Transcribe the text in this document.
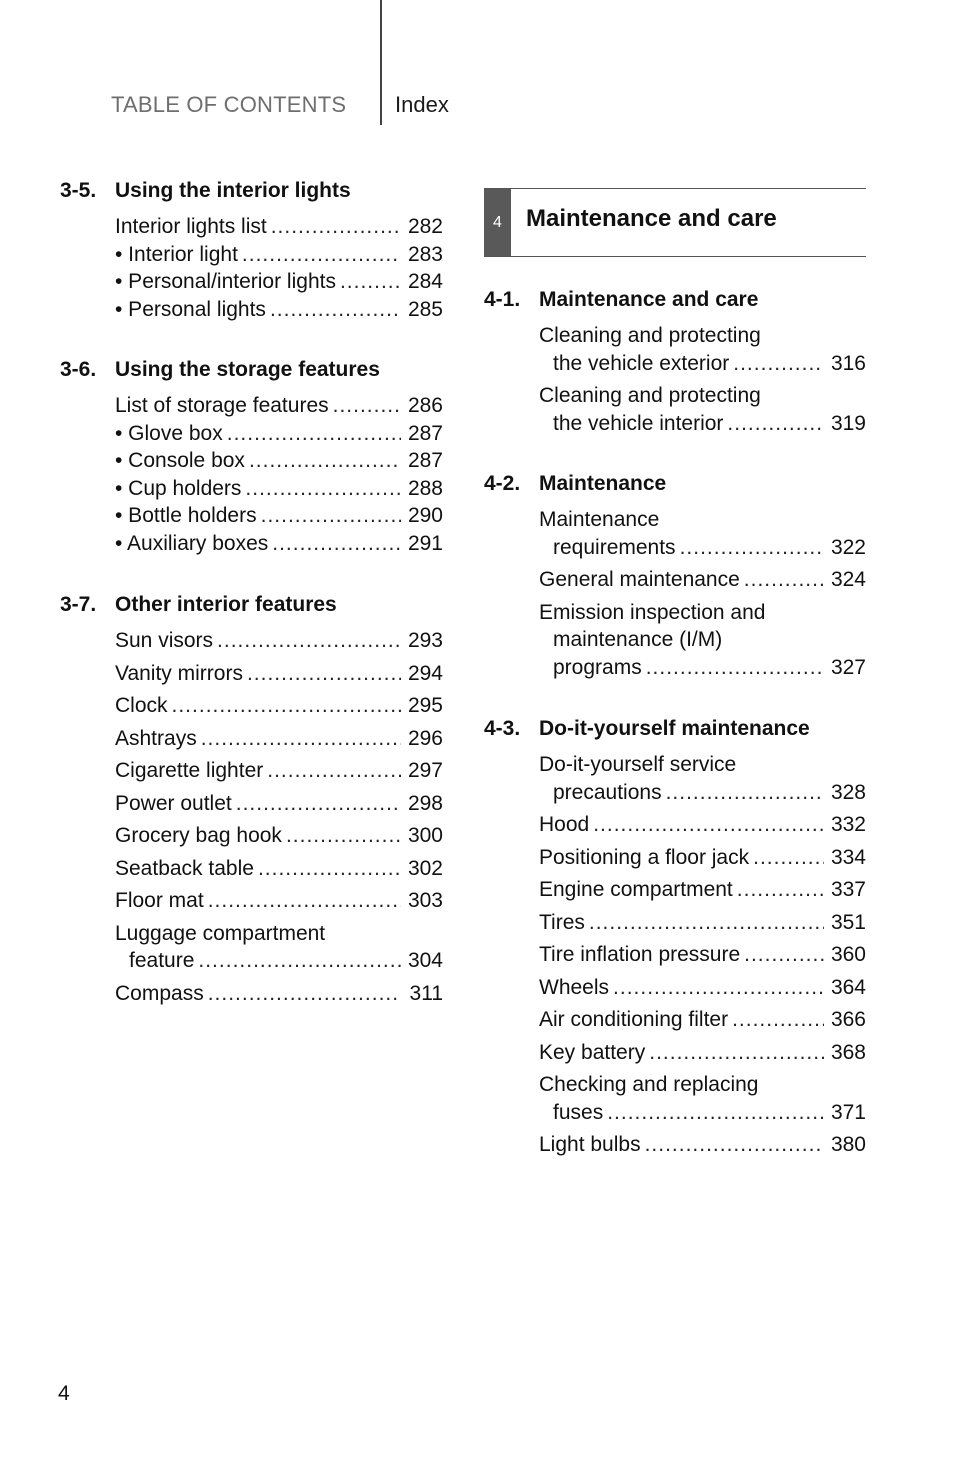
TABLE OF CONTENTS Index
3-5. Using the interior lights
Interior lights list .....	282
• Interior light .....	283
• Personal/interior lights .....	284
• Personal lights .....	285
3-6. Using the storage features
List of storage features .....	286
• Glove box .....	287
• Console box .....	287
• Cup holders .....	288
• Bottle holders .....	290
• Auxiliary boxes .....	291
3-7. Other interior features
Sun visors .....	293
Vanity mirrors .....	294
Clock .....	295
Ashtrays .....	296
Cigarette lighter .....	297
Power outlet .....	298
Grocery bag hook .....	300
Seatback table .....	302
Floor mat .....	303
Luggage compartment
feature .....	304
Compass .....	311
4	Maintenance and care
4-1. Maintenance and care
Cleaning and protecting
the vehicle exterior .....	316
Cleaning and protecting
the vehicle interior .....	319
4-2. Maintenance
Maintenance
requirements .....	322
General maintenance .....	324
Emission inspection and
maintenance (I/M)
programs .....	327
4-3. Do-it-yourself maintenance
Do-it-yourself service
precautions .....	328
Hood .....	332
Positioning a floor jack .....	334
Engine compartment .....	337
Tires .....	351
Tire inflation pressure .....	360
Wheels .....	364
Air conditioning filter .....	366
Key battery .....	368
Checking and replacing
fuses .....	371
Light bulbs .....	380
4
